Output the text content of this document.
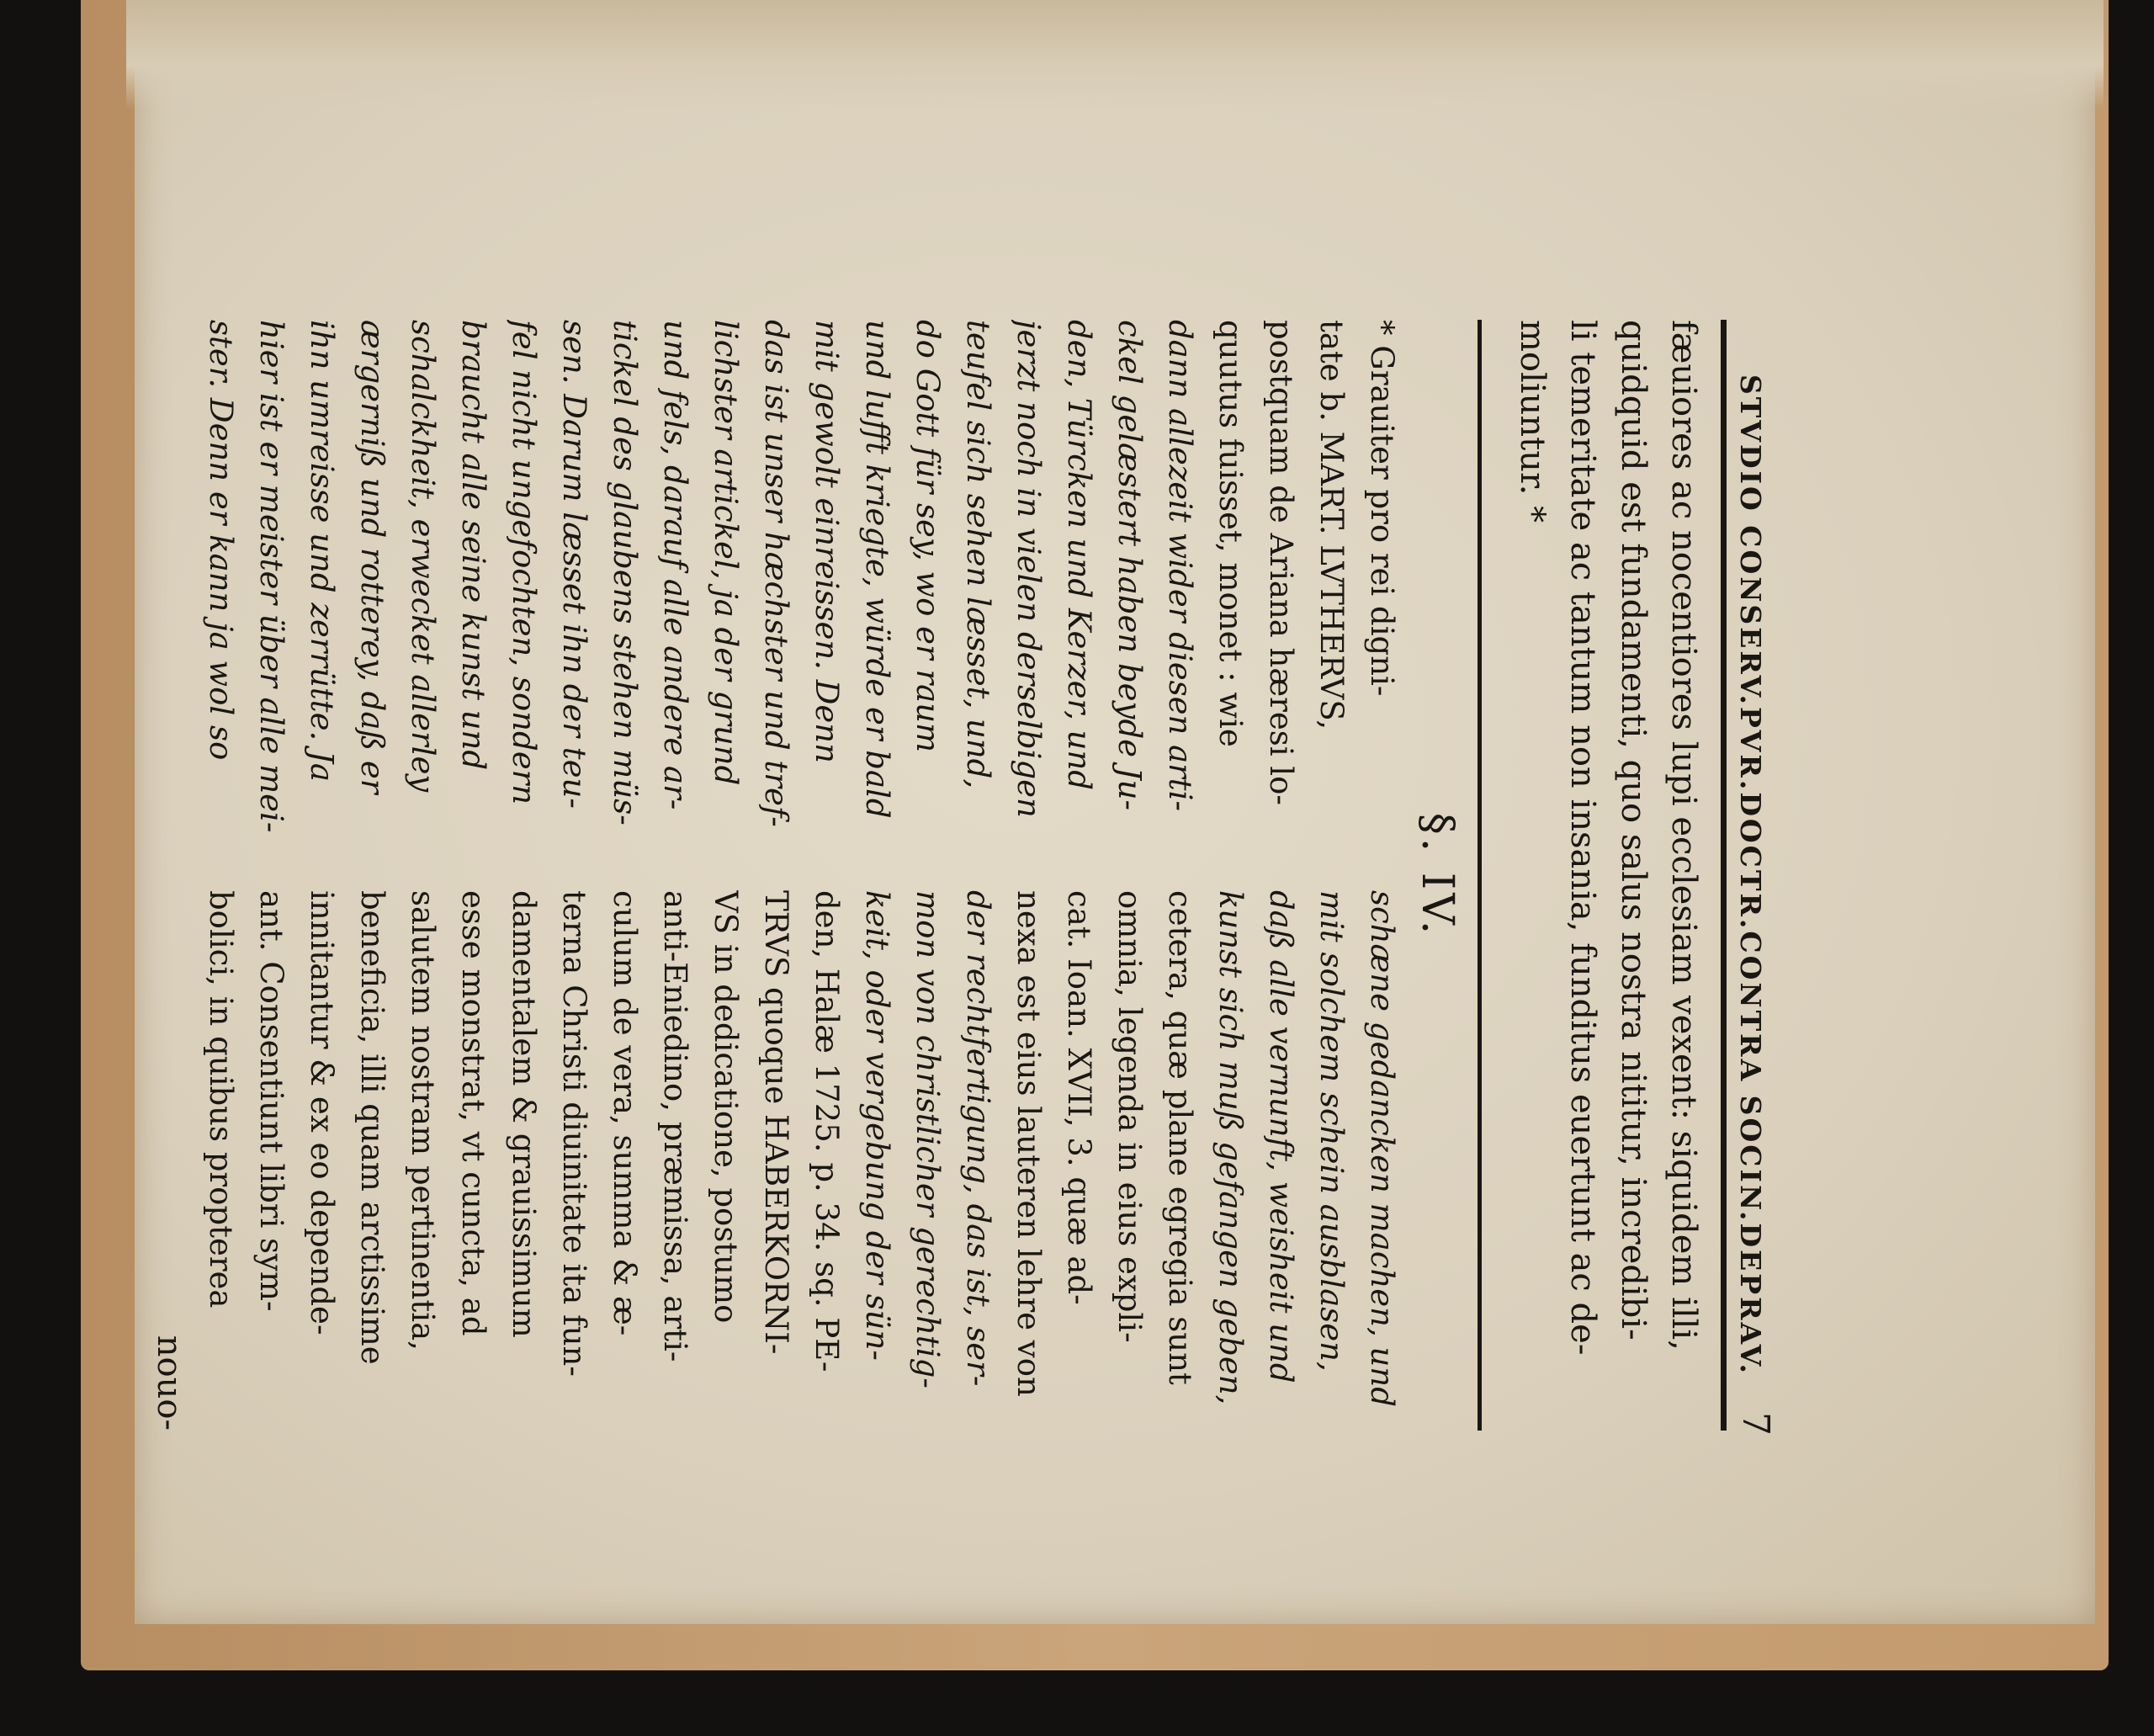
STVDIO CONSERV.PVR.DOCTR.CONTRA SOCIN.DEPRAV.
7
fæuiores ac nocentiores lupi ecclesiam vexent: siquidem illi,
quidquid est fundamenti, quo salus nostra nititur, incredibi-
li temeritate ac tantum non insania, funditus euertunt ac de-
moliuntur. *
§. IV.
* Grauiter pro rei digni-
tate b. MART. LVTHERVS,
postquam de Ariana hæresi lo-
quutus fuisset, monet : wie
dann allezeit wider diesen arti-
ckel gelæstert haben beyde Ju-
den, Türcken und Kerzer, und
jerzt noch in vielen derselbigen
teufel sich sehen læsset, und,
do Gott für sey, wo er raum
und lufft kriegte, würde er bald
mit gewolt einreissen. Denn
das ist unser hæchster und tref-
lichster artickel, ja der grund
und fels, darauf alle andere ar-
tickel des glaubens stehen müs-
sen. Darum læsset ihn der teu-
fel nicht ungefochten, sondern
braucht alle seine kunst und
schalckheit, erwecket allerley
ærgerniß und rotterey, daß er
ihn umreisse und zerrütte. Ja
hier ist er meister über alle mei-
ster. Denn er kann ja wol so
schæne gedancken machen, und
mit solchem schein ausblasen,
daß alle vernunft, weisheit und
kunst sich muß gefangen geben,
cetera, quæ plane egregia sunt
omnia, legenda in eius expli-
cat. Ioan. XVII, 3. quæ ad-
nexa est eius lauteren lehre von
der rechtfertigung, das ist, ser-
mon von christlicher gerechtig-
keit, oder vergebung der sün-
den, Halæ 1725. p. 34. sq. PE-
TRVS quoque HABERKORNI-
VS in dedicatione, postumo
anti-Eniedino, præmissa, arti-
culum de vera, summa & æ-
terna Christi diuinitate ita fun-
damentalem & grauissimum
esse monstrat, vt cuncta, ad
salutem nostram pertinentia,
beneficia, illi quam arctissime
innitantur & ex eo depende-
ant. Consentiunt libri sym-
bolici, in quibus propterea
nouo-
